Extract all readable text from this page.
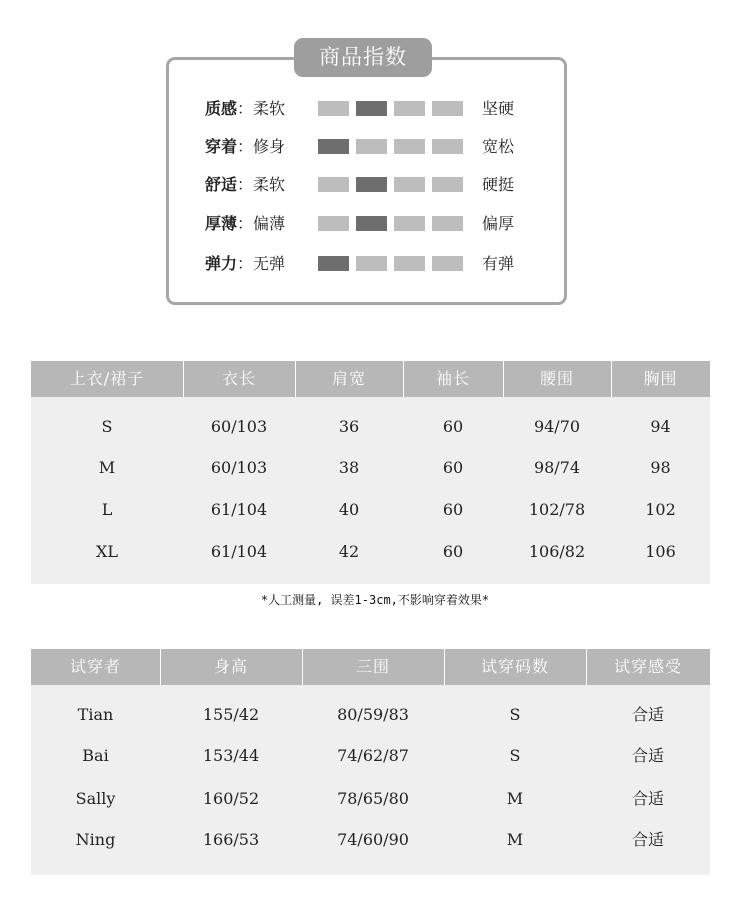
商品指数
质感：柔软	坚硬
穿着：修身	宽松
舒适：柔软	硬挺
厚薄：偏薄	偏厚
弹力：无弹	有弹
上衣/裙子	衣长	肩宽	袖长	腰围	胸围
S	60/103	36	60	94/70	94
M	60/103	38	60	98/74	98
L	61/104	40	60	102/78	102
XL	61/104	42	60	106/82	106
*人工测量, 误差1-3cm,不影响穿着效果*
试穿者	身高	三围	试穿码数	试穿感受
Tian	155/42	80/59/83	S	合适
Bai	153/44	74/62/87	S	合适
Sally	160/52	78/65/80	M	合适
Ning	166/53	74/60/90	M	合适
